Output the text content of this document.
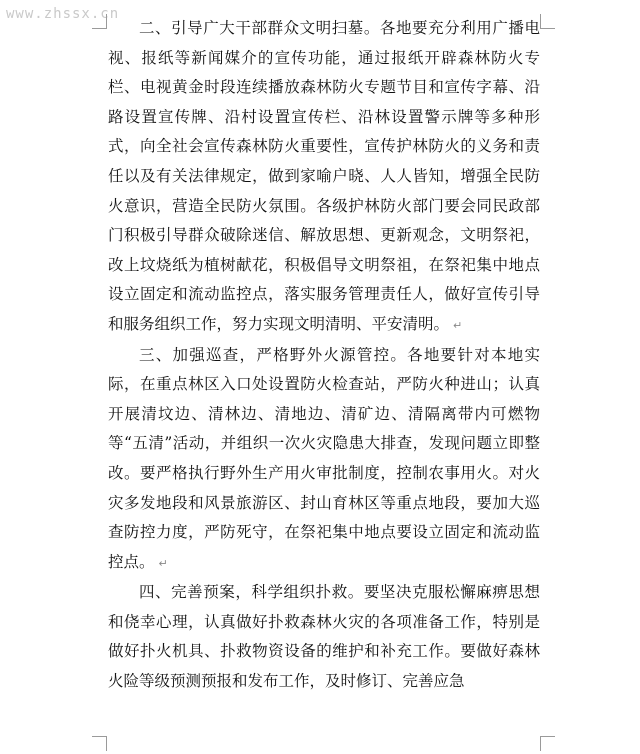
www.zhssx.cn

二、引导广大干部群众文明扫墓。各地要充分利用广播电视、报纸等新闻媒介的宣传功能，通过报纸开辟森林防火专栏、电视黄金时段连续播放森林防火专题节目和宣传字幕、沿路设置宣传牌、沿村设置宣传栏、沿林设置警示牌等多种形式，向全社会宣传森林防火重要性，宣传护林防火的义务和责任以及有关法律规定，做到家喻户晓、人人皆知，增强全民防火意识，营造全民防火氛围。各级护林防火部门要会同民政部门积极引导群众破除迷信、解放思想、更新观念，文明祭祀，改上坟烧纸为植树献花，积极倡导文明祭祖，在祭祀集中地点设立固定和流动监控点，落实服务管理责任人，做好宣传引导和服务组织工作，努力实现文明清明、平安清明。 ↵

三、加强巡查，严格野外火源管控。各地要针对本地实际，在重点林区入口处设置防火检查站，严防火种进山；认真开展清坟边、清林边、清地边、清矿边、清隔离带内可燃物等“五清”活动，并组织一次火灾隐患大排查，发现问题立即整改。要严格执行野外生产用火审批制度，控制农事用火。对火灾多发地段和风景旅游区、封山育林区等重点地段，要加大巡查防控力度，严防死守，在祭祀集中地点要设立固定和流动监控点。 ↵

四、完善预案，科学组织扑救。要坚决克服松懈麻痹思想和侥幸心理，认真做好扑救森林火灾的各项准备工作，特别是做好扑火机具、扑救物资设备的维护和补充工作。要做好森林火险等级预测预报和发布工作，及时修订、完善应急
